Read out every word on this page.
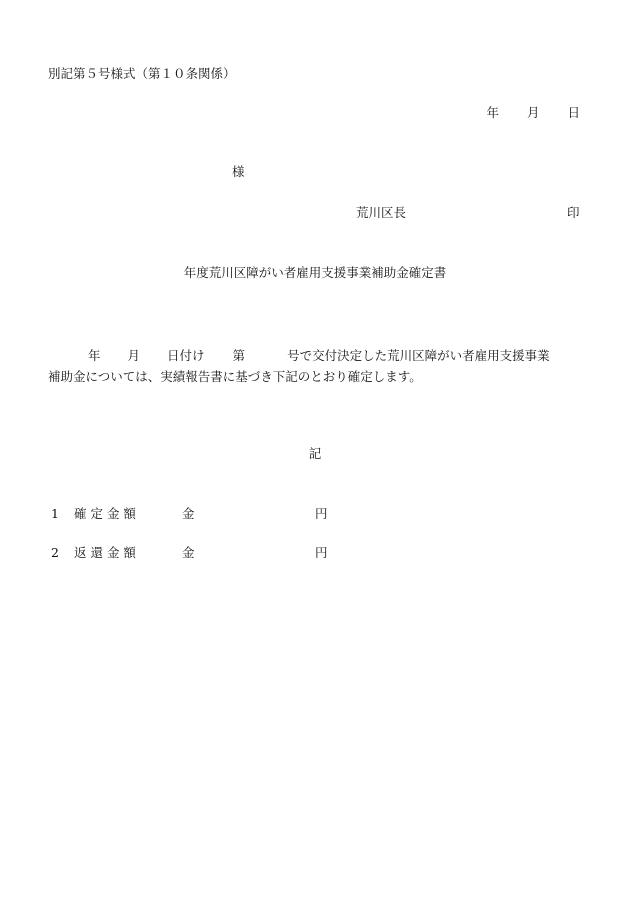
別記第５号様式（第１０条関係）
年 月 日
様
荒川区長	印
年度荒川区障がい者雇用支援事業補助金確定書
年 月 日付け 第	号で交付決定した荒川区障がい者雇用支援事業
補助金については、実績報告書に基づき下記のとおり確定します。
記
1 確 定 金 額	金	円
2 返 還 金 額	金	円
